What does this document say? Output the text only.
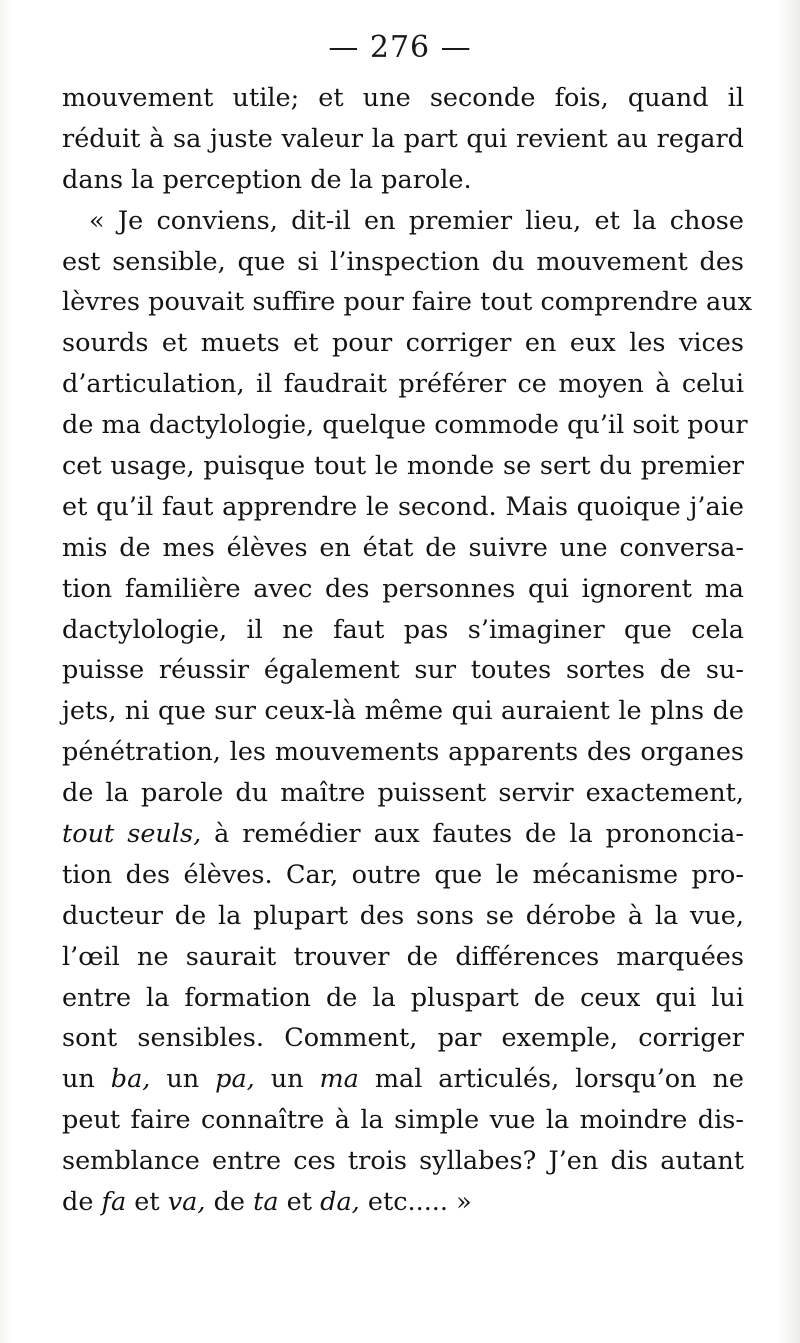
— 276 —
mouvement utile; et une seconde fois, quand il
réduit à sa juste valeur la part qui revient au regard
dans la perception de la parole.
« Je conviens, dit-il en premier lieu, et la chose
est sensible, que si l’inspection du mouvement des
lèvres pouvait suffire pour faire tout comprendre aux
sourds et muets et pour corriger en eux les vices
d’articulation, il faudrait préférer ce moyen à celui
de ma dactylologie, quelque commode qu’il soit pour
cet usage, puisque tout le monde se sert du premier
et qu’il faut apprendre le second. Mais quoique j’aie
mis de mes élèves en état de suivre une conversa-
tion familière avec des personnes qui ignorent ma
dactylologie, il ne faut pas s’imaginer que cela
puisse réussir également sur toutes sortes de su-
jets, ni que sur ceux-là même qui auraient le plns de
pénétration, les mouvements apparents des organes
de la parole du maître puissent servir exactement,
tout seuls, à remédier aux fautes de la prononcia-
tion des élèves. Car, outre que le mécanisme pro-
ducteur de la plupart des sons se dérobe à la vue,
l’œil ne saurait trouver de différences marquées
entre la formation de la pluspart de ceux qui lui
sont sensibles. Comment, par exemple, corriger
un ba, un pa, un ma mal articulés, lorsqu’on ne
peut faire connaître à la simple vue la moindre dis-
semblance entre ces trois syllabes? J’en dis autant
de fa et va, de ta et da, etc..... »
